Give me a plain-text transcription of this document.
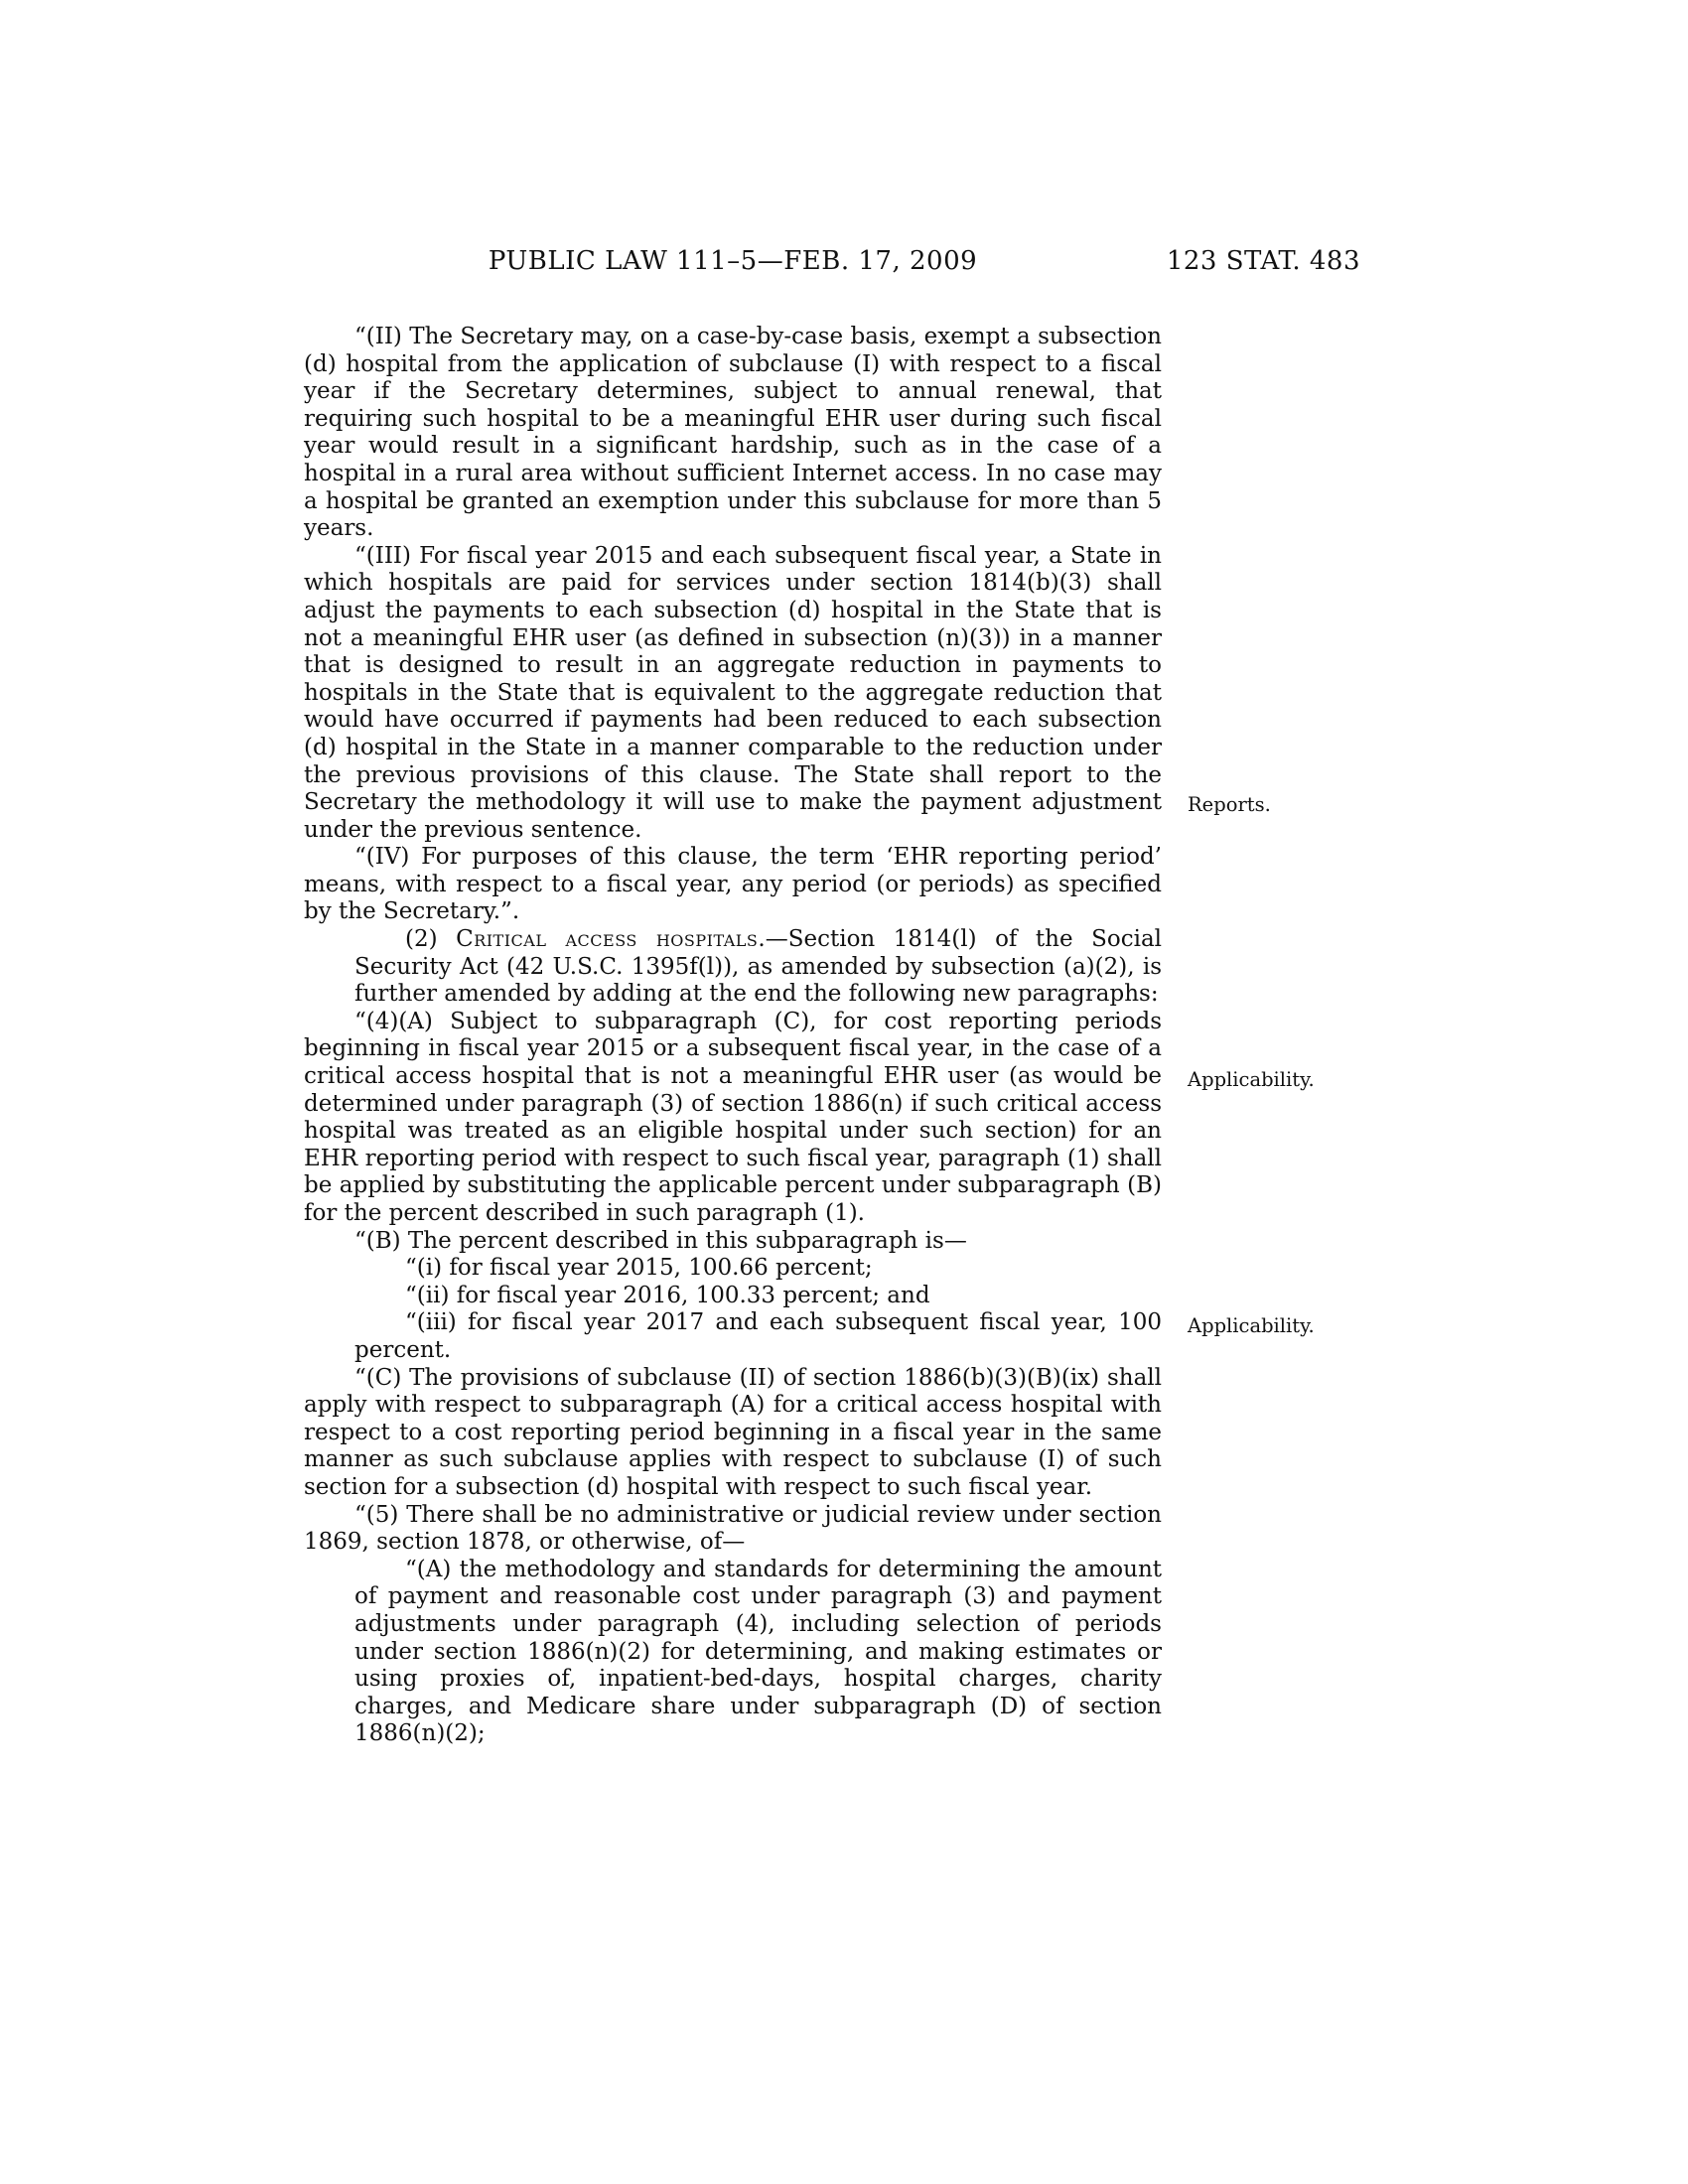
PUBLIC LAW 111–5—FEB. 17, 2009	123 STAT. 483

“(II) The Secretary may, on a case-by-case basis, exempt a subsection (d) hospital from the application of subclause (I) with respect to a fiscal year if the Secretary determines, subject to annual renewal, that requiring such hospital to be a meaningful EHR user during such fiscal year would result in a significant hardship, such as in the case of a hospital in a rural area without sufficient Internet access. In no case may a hospital be granted an exemption under this subclause for more than 5 years.

“(III) For fiscal year 2015 and each subsequent fiscal year, a State in which hospitals are paid for services under section 1814(b)(3) shall adjust the payments to each subsection (d) hospital in the State that is not a meaningful EHR user (as defined in subsection (n)(3)) in a manner that is designed to result in an aggregate reduction in payments to hospitals in the State that is equivalent to the aggregate reduction that would have occurred if payments had been reduced to each subsection (d) hospital in the State in a manner comparable to the reduction under the previous provisions of this clause. The State shall report to the Secretary the methodology it will use to make the payment adjustment under the previous sentence.

“(IV) For purposes of this clause, the term ‘EHR reporting period’ means, with respect to a fiscal year, any period (or periods) as specified by the Secretary.”.

(2) Critical access hospitals.—Section 1814(l) of the Social Security Act (42 U.S.C. 1395f(l)), as amended by subsection (a)(2), is further amended by adding at the end the following new paragraphs:

“(4)(A) Subject to subparagraph (C), for cost reporting periods beginning in fiscal year 2015 or a subsequent fiscal year, in the case of a critical access hospital that is not a meaningful EHR user (as would be determined under paragraph (3) of section 1886(n) if such critical access hospital was treated as an eligible hospital under such section) for an EHR reporting period with respect to such fiscal year, paragraph (1) shall be applied by substituting the applicable percent under subparagraph (B) for the percent described in such paragraph (1).

“(B) The percent described in this subparagraph is—

“(i) for fiscal year 2015, 100.66 percent;

“(ii) for fiscal year 2016, 100.33 percent; and

“(iii) for fiscal year 2017 and each subsequent fiscal year, 100 percent.

“(C) The provisions of subclause (II) of section 1886(b)(3)(B)(ix) shall apply with respect to subparagraph (A) for a critical access hospital with respect to a cost reporting period beginning in a fiscal year in the same manner as such subclause applies with respect to subclause (I) of such section for a subsection (d) hospital with respect to such fiscal year.

“(5) There shall be no administrative or judicial review under section 1869, section 1878, or otherwise, of—

“(A) the methodology and standards for determining the amount of payment and reasonable cost under paragraph (3) and payment adjustments under paragraph (4), including selection of periods under section 1886(n)(2) for determining, and making estimates or using proxies of, inpatient-bed-days, hospital charges, charity charges, and Medicare share under subparagraph (D) of section 1886(n)(2);

Reports.
Applicability.
Applicability.
